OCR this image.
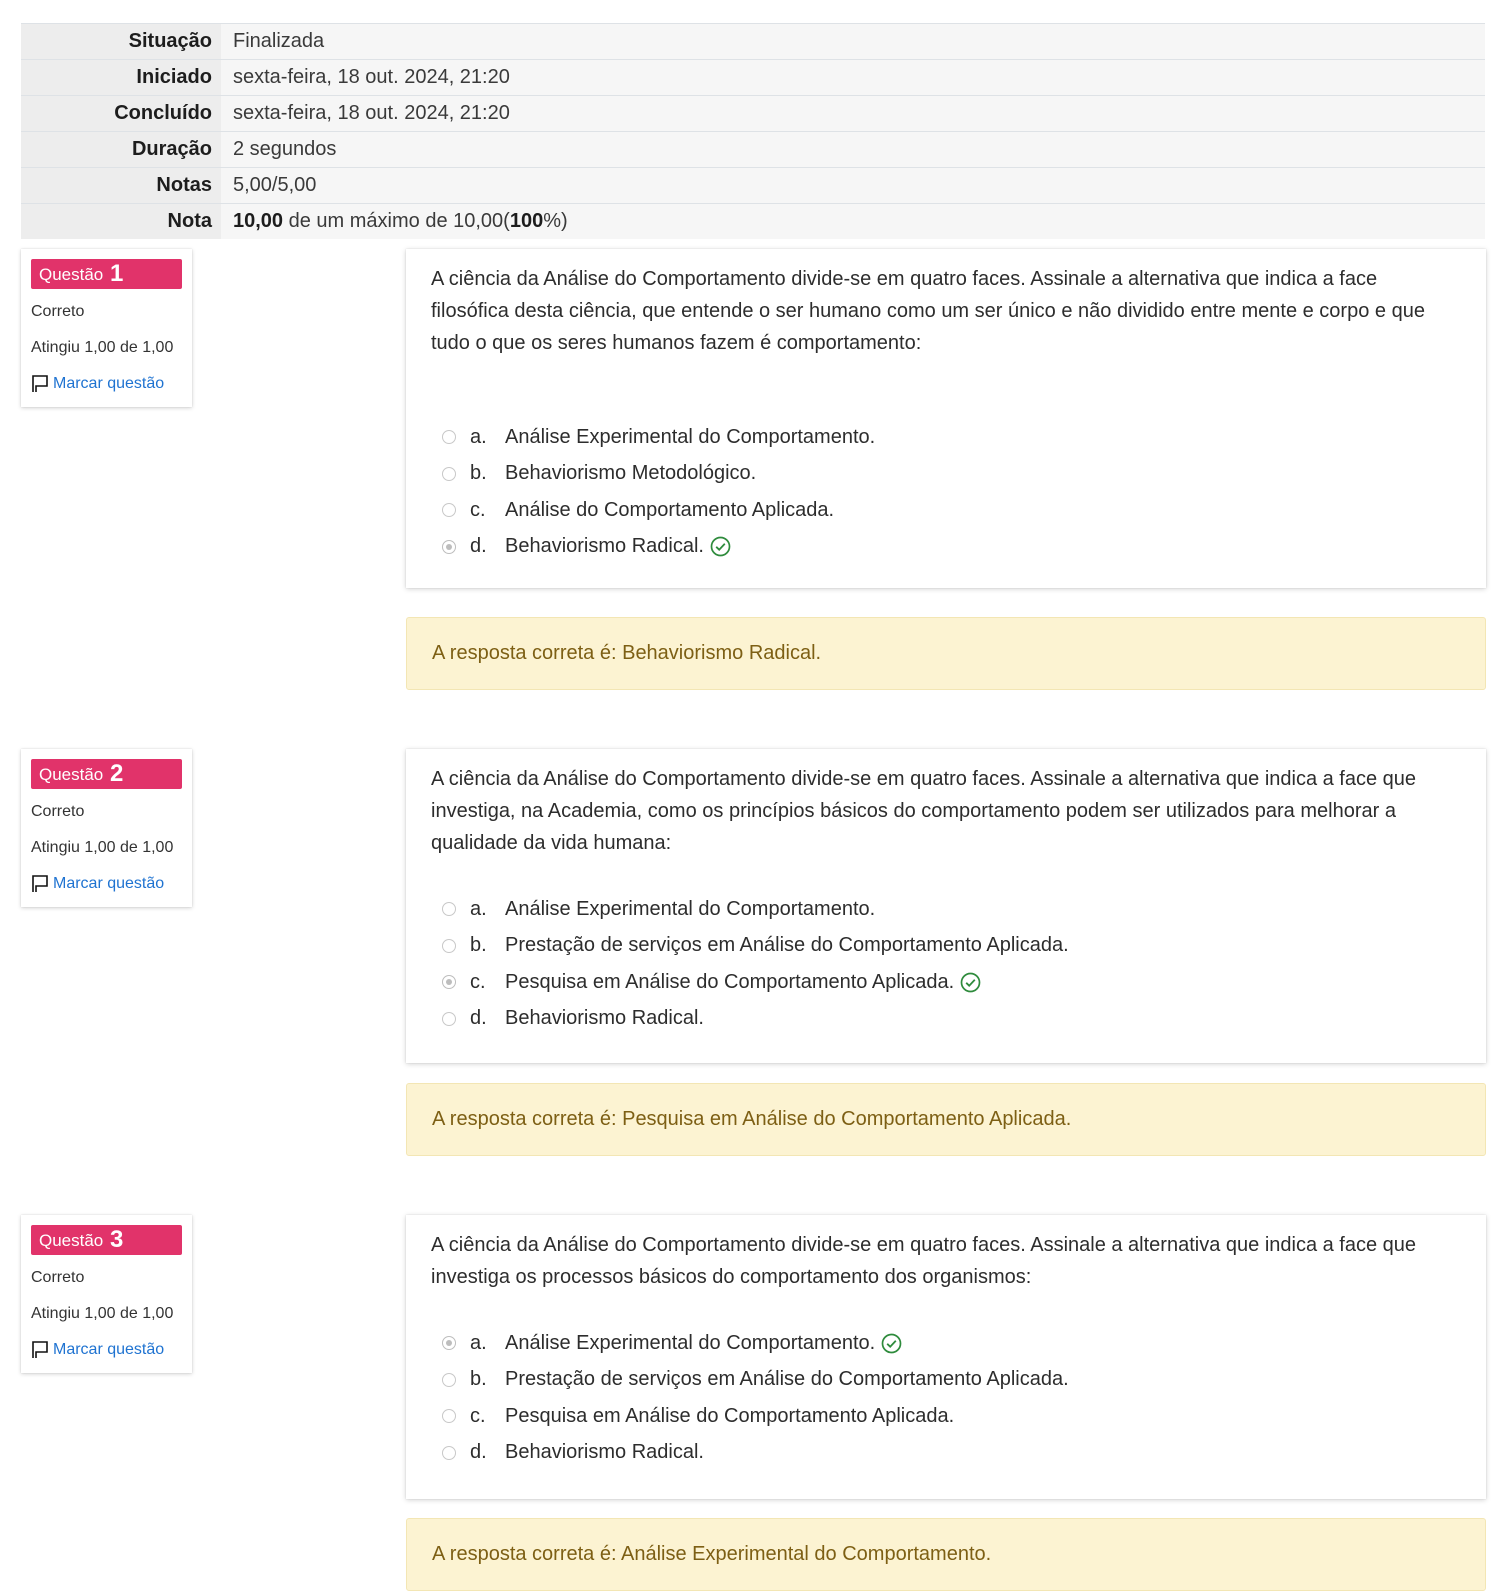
Situação	Finalizada
Iniciado	sexta-feira, 18 out. 2024, 21:20
Concluído	sexta-feira, 18 out. 2024, 21:20
Duração	2 segundos
Notas	5,00/5,00
Nota	10,00 de um máximo de 10,00(100%)
Questão 1
Correto
Atingiu 1,00 de 1,00
Marcar questão
A ciência da Análise do Comportamento divide-se em quatro faces. Assinale a alternativa que indica a face filosófica desta ciência, que entende o ser humano como um ser único e não dividido entre mente e corpo e que tudo o que os seres humanos fazem é comportamento:
a. Análise Experimental do Comportamento.
b. Behaviorismo Metodológico.
c. Análise do Comportamento Aplicada.
d. Behaviorismo Radical.
A resposta correta é: Behaviorismo Radical.
Questão 2
Correto
Atingiu 1,00 de 1,00
Marcar questão
A ciência da Análise do Comportamento divide-se em quatro faces. Assinale a alternativa que indica a face que investiga, na Academia, como os princípios básicos do comportamento podem ser utilizados para melhorar a qualidade da vida humana:
a. Análise Experimental do Comportamento.
b. Prestação de serviços em Análise do Comportamento Aplicada.
c. Pesquisa em Análise do Comportamento Aplicada.
d. Behaviorismo Radical.
A resposta correta é: Pesquisa em Análise do Comportamento Aplicada.
Questão 3
Correto
Atingiu 1,00 de 1,00
Marcar questão
A ciência da Análise do Comportamento divide-se em quatro faces. Assinale a alternativa que indica a face que investiga os processos básicos do comportamento dos organismos:
a. Análise Experimental do Comportamento.
b. Prestação de serviços em Análise do Comportamento Aplicada.
c. Pesquisa em Análise do Comportamento Aplicada.
d. Behaviorismo Radical.
A resposta correta é: Análise Experimental do Comportamento.
